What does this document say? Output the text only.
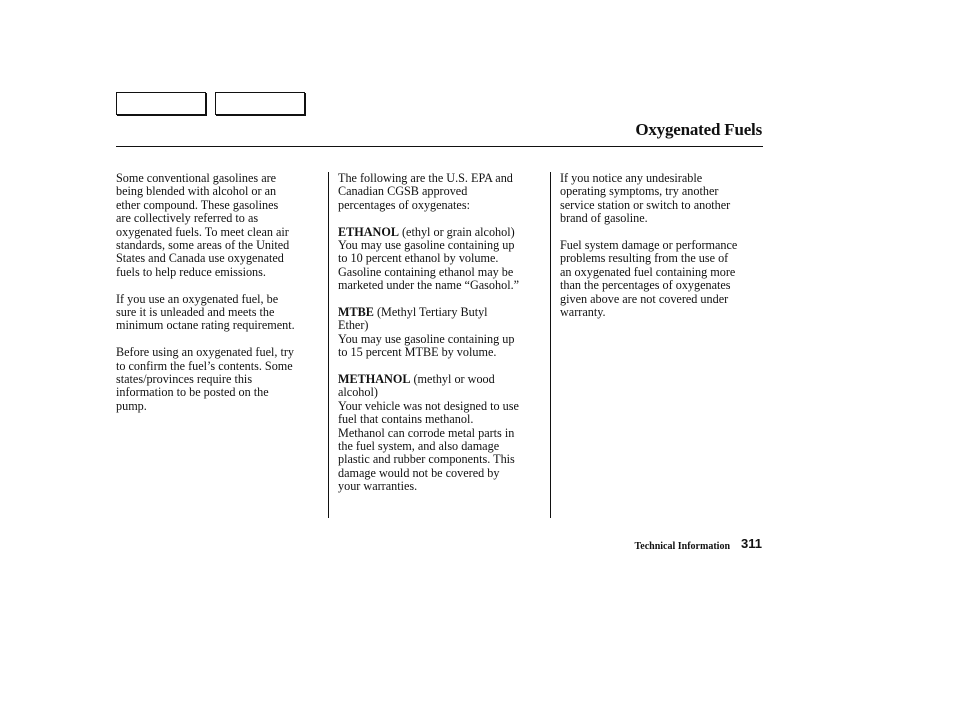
Oxygenated Fuels

Some conventional gasolines are
being blended with alcohol or an
ether compound. These gasolines
are collectively referred to as
oxygenated fuels. To meet clean air
standards, some areas of the United
States and Canada use oxygenated
fuels to help reduce emissions.

If you use an oxygenated fuel, be
sure it is unleaded and meets the
minimum octane rating requirement.

Before using an oxygenated fuel, try
to confirm the fuel’s contents. Some
states/provinces require this
information to be posted on the
pump.

The following are the U.S. EPA and
Canadian CGSB approved
percentages of oxygenates:

ETHANOL (ethyl or grain alcohol)
You may use gasoline containing up
to 10 percent ethanol by volume.
Gasoline containing ethanol may be
marketed under the name “Gasohol.”

MTBE (Methyl Tertiary Butyl
Ether)
You may use gasoline containing up
to 15 percent MTBE by volume.

METHANOL (methyl or wood
alcohol)
Your vehicle was not designed to use
fuel that contains methanol.
Methanol can corrode metal parts in
the fuel system, and also damage
plastic and rubber components. This
damage would not be covered by
your warranties.

If you notice any undesirable
operating symptoms, try another
service station or switch to another
brand of gasoline.

Fuel system damage or performance
problems resulting from the use of
an oxygenated fuel containing more
than the percentages of oxygenates
given above are not covered under
warranty.

Technical Information 311
